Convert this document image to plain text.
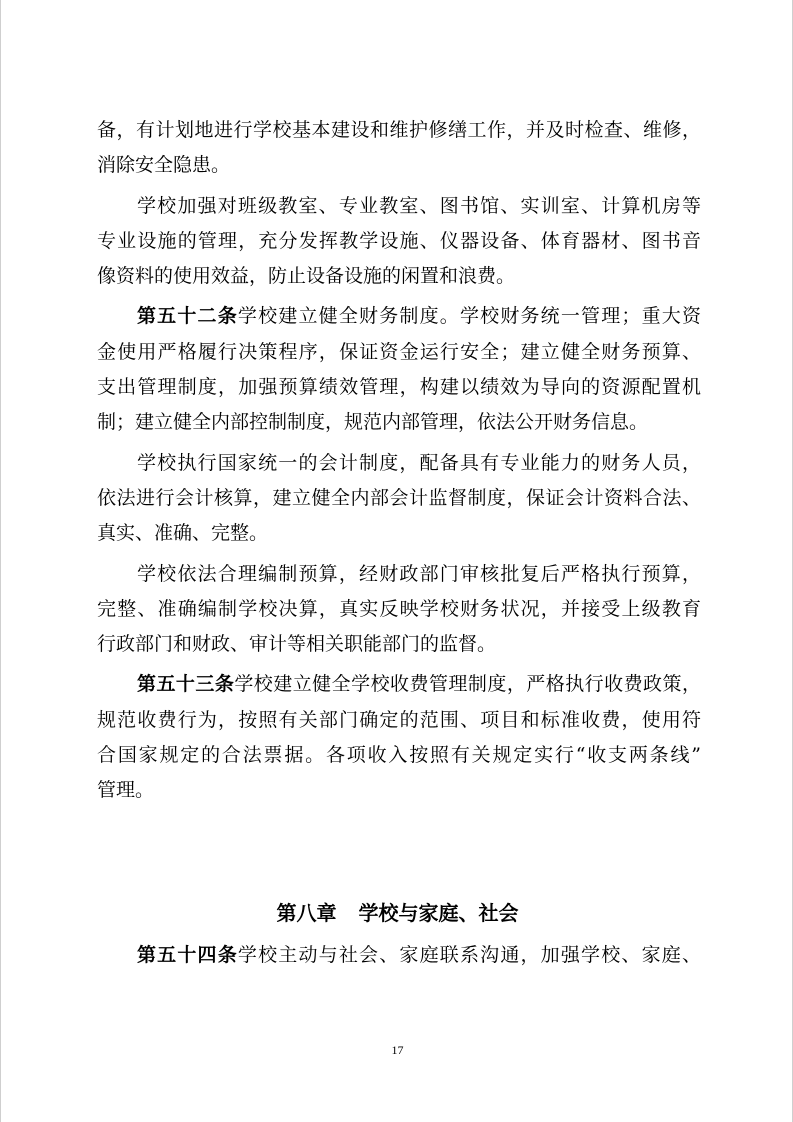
备，有计划地进行学校基本建设和维护修缮工作，并及时检查、维修，
消除安全隐患。
学校加强对班级教室、专业教室、图书馆、实训室、计算机房等
专业设施的管理，充分发挥教学设施、仪器设备、体育器材、图书音
像资料的使用效益，防止设备设施的闲置和浪费。
第五十二条学校建立健全财务制度。学校财务统一管理；重大资
金使用严格履行决策程序，保证资金运行安全；建立健全财务预算、
支出管理制度，加强预算绩效管理，构建以绩效为导向的资源配置机
制；建立健全内部控制制度，规范内部管理，依法公开财务信息。
学校执行国家统一的会计制度，配备具有专业能力的财务人员，
依法进行会计核算，建立健全内部会计监督制度，保证会计资料合法、
真实、准确、完整。
学校依法合理编制预算，经财政部门审核批复后严格执行预算，
完整、准确编制学校决算，真实反映学校财务状况，并接受上级教育
行政部门和财政、审计等相关职能部门的监督。
第五十三条学校建立健全学校收费管理制度，严格执行收费政策，
规范收费行为，按照有关部门确定的范围、项目和标准收费，使用符
合国家规定的合法票据。各项收入按照有关规定实行“收支两条线”
管理。
第八章 学校与家庭、社会
第五十四条学校主动与社会、家庭联系沟通，加强学校、家庭、
17
